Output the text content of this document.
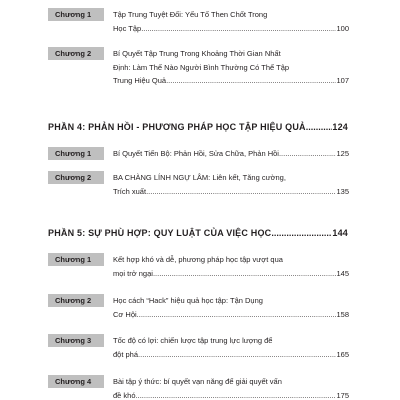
Chương 1	Tập Trung Tuyệt Đối: Yếu Tố Then Chốt Trong
Học Tập .....	100
Chương 2	Bí Quyết Tập Trung Trong Khoảng Thời Gian Nhất
Định: Làm Thế Nào Người Bình Thường Có Thể Tập
Trung Hiệu Quả .....	107
PHẦN 4: PHẢN HỒI - PHƯƠNG PHÁP HỌC TẬP HIỆU QUẢ .....	124
Chương 1	Bí Quyết Tiến Bộ: Phản Hồi, Sửa Chữa, Phản Hồi .....	125
Chương 2	BA CHÀNG LÍNH NGỰ LÂM: Liên kết, Tăng cường,
Trích xuất .....	135
PHẦN 5: SỰ PHÙ HỢP: QUY LUẬT CỦA VIỆC HỌC .....	144
Chương 1	Kết hợp khó và dễ, phương pháp học tập vượt qua
mọi trở ngại .....	145
Chương 2	Học cách “Hack” hiệu quả học tập: Tận Dụng
Cơ Hội .....	158
Chương 3	Tốc độ có lợi: chiến lược tập trung lực lượng để
đột phá .....	165
Chương 4	Bài tập ý thức: bí quyết vạn năng để giải quyết vấn
đề khó .....	175
